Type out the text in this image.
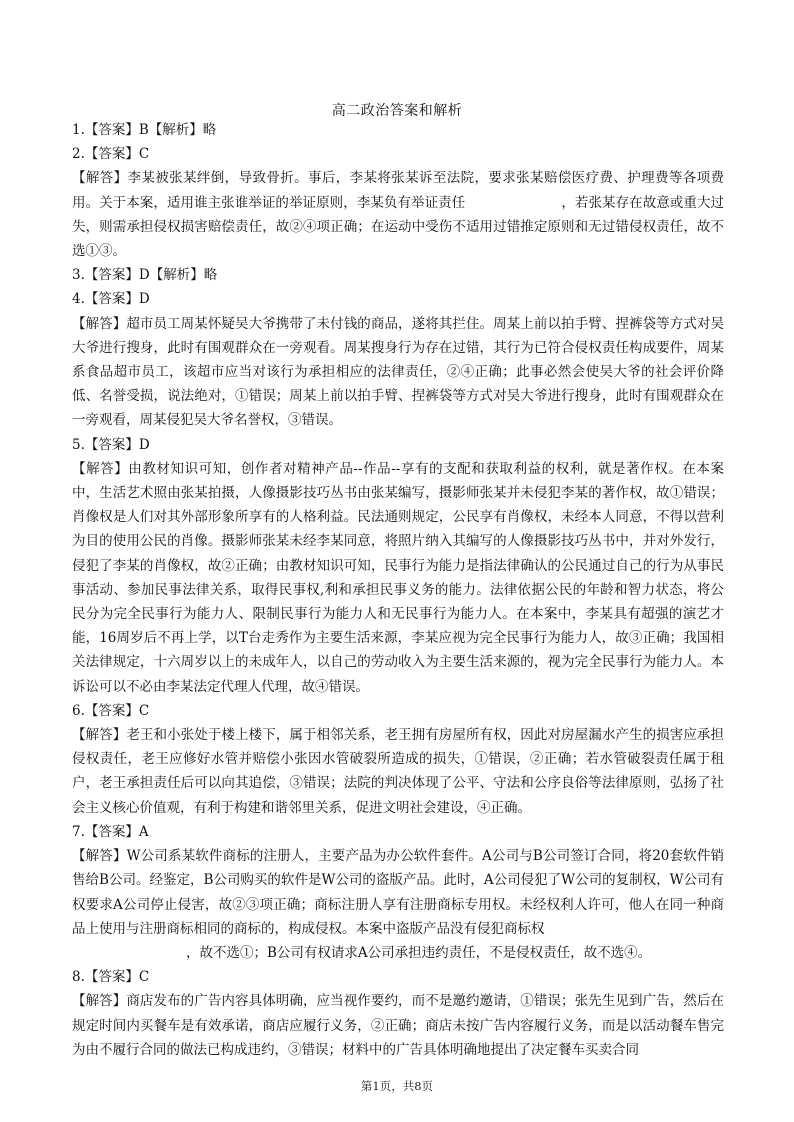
高二政治答案和解析

1.【答案】B【解析】略

2.【答案】C

【解答】李某被张某绊倒，导致骨折。事后，李某将张某诉至法院，要求张某赔偿医疗费、护理费等各项费用。关于本案，适用谁主张谁举证的举证原则，李某负有举证责任	，若张某存在故意或重大过失，则需承担侵权损害赔偿责任，故②④项正确；在运动中受伤不适用过错推定原则和无过错侵权责任，故不选①③。

3.【答案】D【解析】略

4.【答案】D

【解答】超市员工周某怀疑吴大爷携带了未付钱的商品，遂将其拦住。周某上前以拍手臂、捏裤袋等方式对吴大爷进行搜身，此时有围观群众在一旁观看。周某搜身行为存在过错，其行为已符合侵权责任构成要件，周某系食品超市员工，该超市应当对该行为承担相应的法律责任，②④正确；此事必然会使吴大爷的社会评价降低、名誉受损，说法绝对，①错误；周某上前以拍手臂、捏裤袋等方式对吴大爷进行搜身，此时有围观群众在一旁观看，周某侵犯吴大爷名誉权，③错误。

5.【答案】D

【解答】由教材知识可知，创作者对精神产品--作品--享有的支配和获取利益的权利，就是著作权。在本案中，生活艺术照由张某拍摄，人像摄影技巧丛书由张某编写，摄影师张某并未侵犯李某的著作权，故①错误；肖像权是人们对其外部形象所享有的人格利益。民法通则规定，公民享有肖像权，未经本人同意，不得以营利为目的使用公民的肖像。摄影师张某未经李某同意，将照片纳入其编写的人像摄影技巧丛书中，并对外发行，侵犯了李某的肖像权，故②正确；由教材知识可知，民事行为能力是指法律确认的公民通过自己的行为从事民事活动、参加民事法律关系，取得民事权,利和承担民事义务的能力。法律依据公民的年龄和智力状态，将公民分为完全民事行为能力人、限制民事行为能力人和无民事行为能力人。在本案中，李某具有超强的演艺才能，16周岁后不再上学，以T台走秀作为主要生活来源，李某应视为完全民事行为能力人，故③正确；我国相关法律规定，十六周岁以上的未成年人，以自己的劳动收入为主要生活来源的，视为完全民事行为能力人。本诉讼可以不必由李某法定代理人代理，故④错误。

6.【答案】C

【解答】老王和小张处于楼上楼下，属于相邻关系，老王拥有房屋所有权，因此对房屋漏水产生的损害应承担侵权责任，老王应修好水管并赔偿小张因水管破裂所造成的损失，①错误，②正确；若水管破裂责任属于租户，老王承担责任后可以向其追偿，③错误；法院的判决体现了公平、守法和公序良俗等法律原则，弘扬了社会主义核心价值观，有利于构建和谐邻里关系，促进文明社会建设，④正确。

7.【答案】A

【解答】W公司系某软件商标的注册人，主要产品为办公软件套件。A公司与B公司签订合同，将20套软件销售给B公司。经鉴定，B公司购买的软件是W公司的盗版产品。此时，A公司侵犯了W公司的复制权，W公司有权要求A公司停止侵害，故②③项正确；商标注册人享有注册商标专用权。未经权利人许可，他人在同一种商品上使用与注册商标相同的商标的，构成侵权。本案中盗版产品没有侵犯商标权
，故不选①；B公司有权请求A公司承担违约责任，不是侵权责任，故不选④。

8.【答案】C

【解答】商店发布的广告内容具体明确，应当视作要约，而不是邀约邀请，①错误；张先生见到广告，然后在规定时间内买餐车是有效承诺，商店应履行义务，②正确；商店未按广告内容履行义务，而是以活动餐车售完为由不履行合同的做法已构成违约，③错误；材料中的广告具体明确地提出了决定餐车买卖合同

第1页，共8页
